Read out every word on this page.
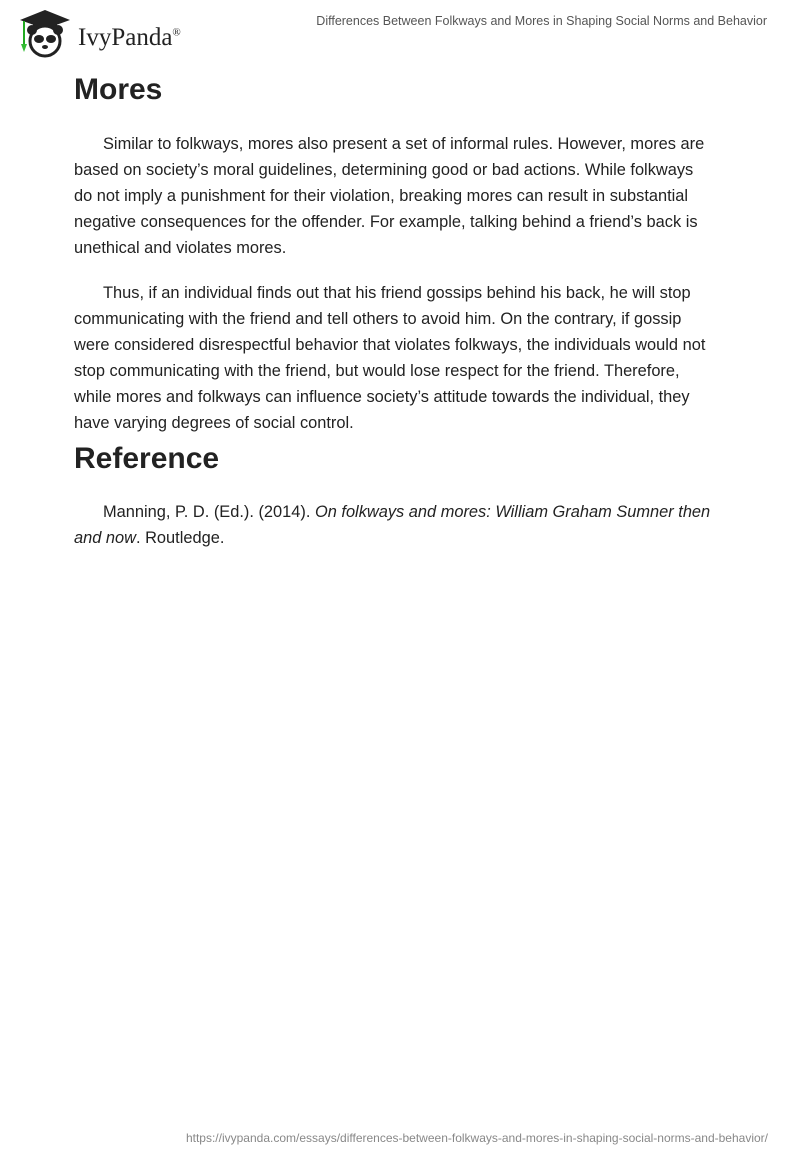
IvyPanda®
Differences Between Folkways and Mores in Shaping Social Norms and Behavior
Mores
Similar to folkways, mores also present a set of informal rules. However, mores are
based on society’s moral guidelines, determining good or bad actions. While folkways
do not imply a punishment for their violation, breaking mores can result in substantial
negative consequences for the offender. For example, talking behind a friend’s back is
unethical and violates mores.
Thus, if an individual finds out that his friend gossips behind his back, he will stop
communicating with the friend and tell others to avoid him. On the contrary, if gossip
were considered disrespectful behavior that violates folkways, the individuals would not
stop communicating with the friend, but would lose respect for the friend. Therefore,
while mores and folkways can influence society’s attitude towards the individual, they
have varying degrees of social control.
Reference
Manning, P. D. (Ed.). (2014). On folkways and mores: William Graham Sumner then
and now. Routledge.
https://ivypanda.com/essays/differences-between-folkways-and-mores-in-shaping-social-norms-and-behavior/
